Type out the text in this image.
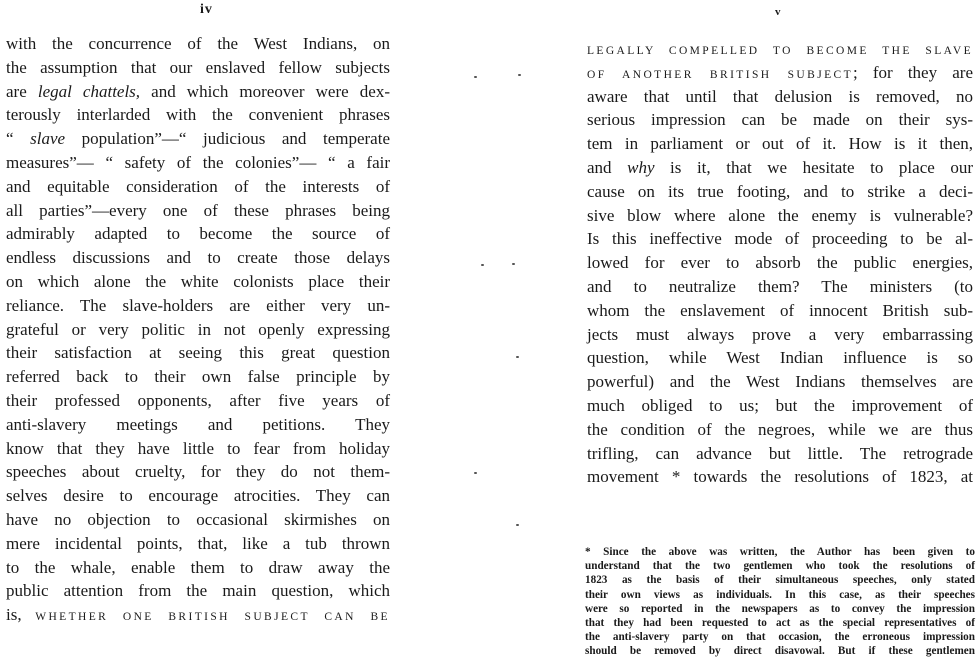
iv
with the concurrence of the West Indians, on
the assumption that our enslaved fellow subjects
are legal chattels, and which moreover were dex-
terously interlarded with the convenient phrases
“ slave population”—“ judicious and temperate
measures”— “ safety of the colonies”— “ a fair
and equitable consideration of the interests of
all parties”—every one of these phrases being
admirably adapted to become the source of
endless discussions and to create those delays
on which alone the white colonists place their
reliance. The slave-holders are either very un-
grateful or very politic in not openly expressing
their satisfaction at seeing this great question
referred back to their own false principle by
their professed opponents, after five years of
anti-slavery meetings and petitions. They
know that they have little to fear from holiday
speeches about cruelty, for they do not them-
selves desire to encourage atrocities. They can
have no objection to occasional skirmishes on
mere incidental points, that, like a tub thrown
to the whale, enable them to draw away the
public attention from the main question, which
is, WHETHER ONE BRITISH SUBJECT CAN BE
v
LEGALLY COMPELLED TO BECOME THE SLAVE
OF ANOTHER BRITISH SUBJECT; for they are
aware that until that delusion is removed, no
serious impression can be made on their sys-
tem in parliament or out of it. How is it then,
and why is it, that we hesitate to place our
cause on its true footing, and to strike a deci-
sive blow where alone the enemy is vulnerable?
Is this ineffective mode of proceeding to be al-
lowed for ever to absorb the public energies,
and to neutralize them? The ministers (to
whom the enslavement of innocent British sub-
jects must always prove a very embarrassing
question, while West Indian influence is so
powerful) and the West Indians themselves are
much obliged to us; but the improvement of
the condition of the negroes, while we are thus
trifling, can advance but little. The retrograde
movement * towards the resolutions of 1823, at
* Since the above was written, the Author has been given to
understand that the two gentlemen who took the resolutions of
1823 as the basis of their simultaneous speeches, only stated
their own views as individuals. In this case, as their speeches
were so reported in the newspapers as to convey the impression
that they had been requested to act as the special representatives of
the anti-slavery party on that occasion, the erroneous impression
should be removed by direct disavowal. But if these gentlemen
